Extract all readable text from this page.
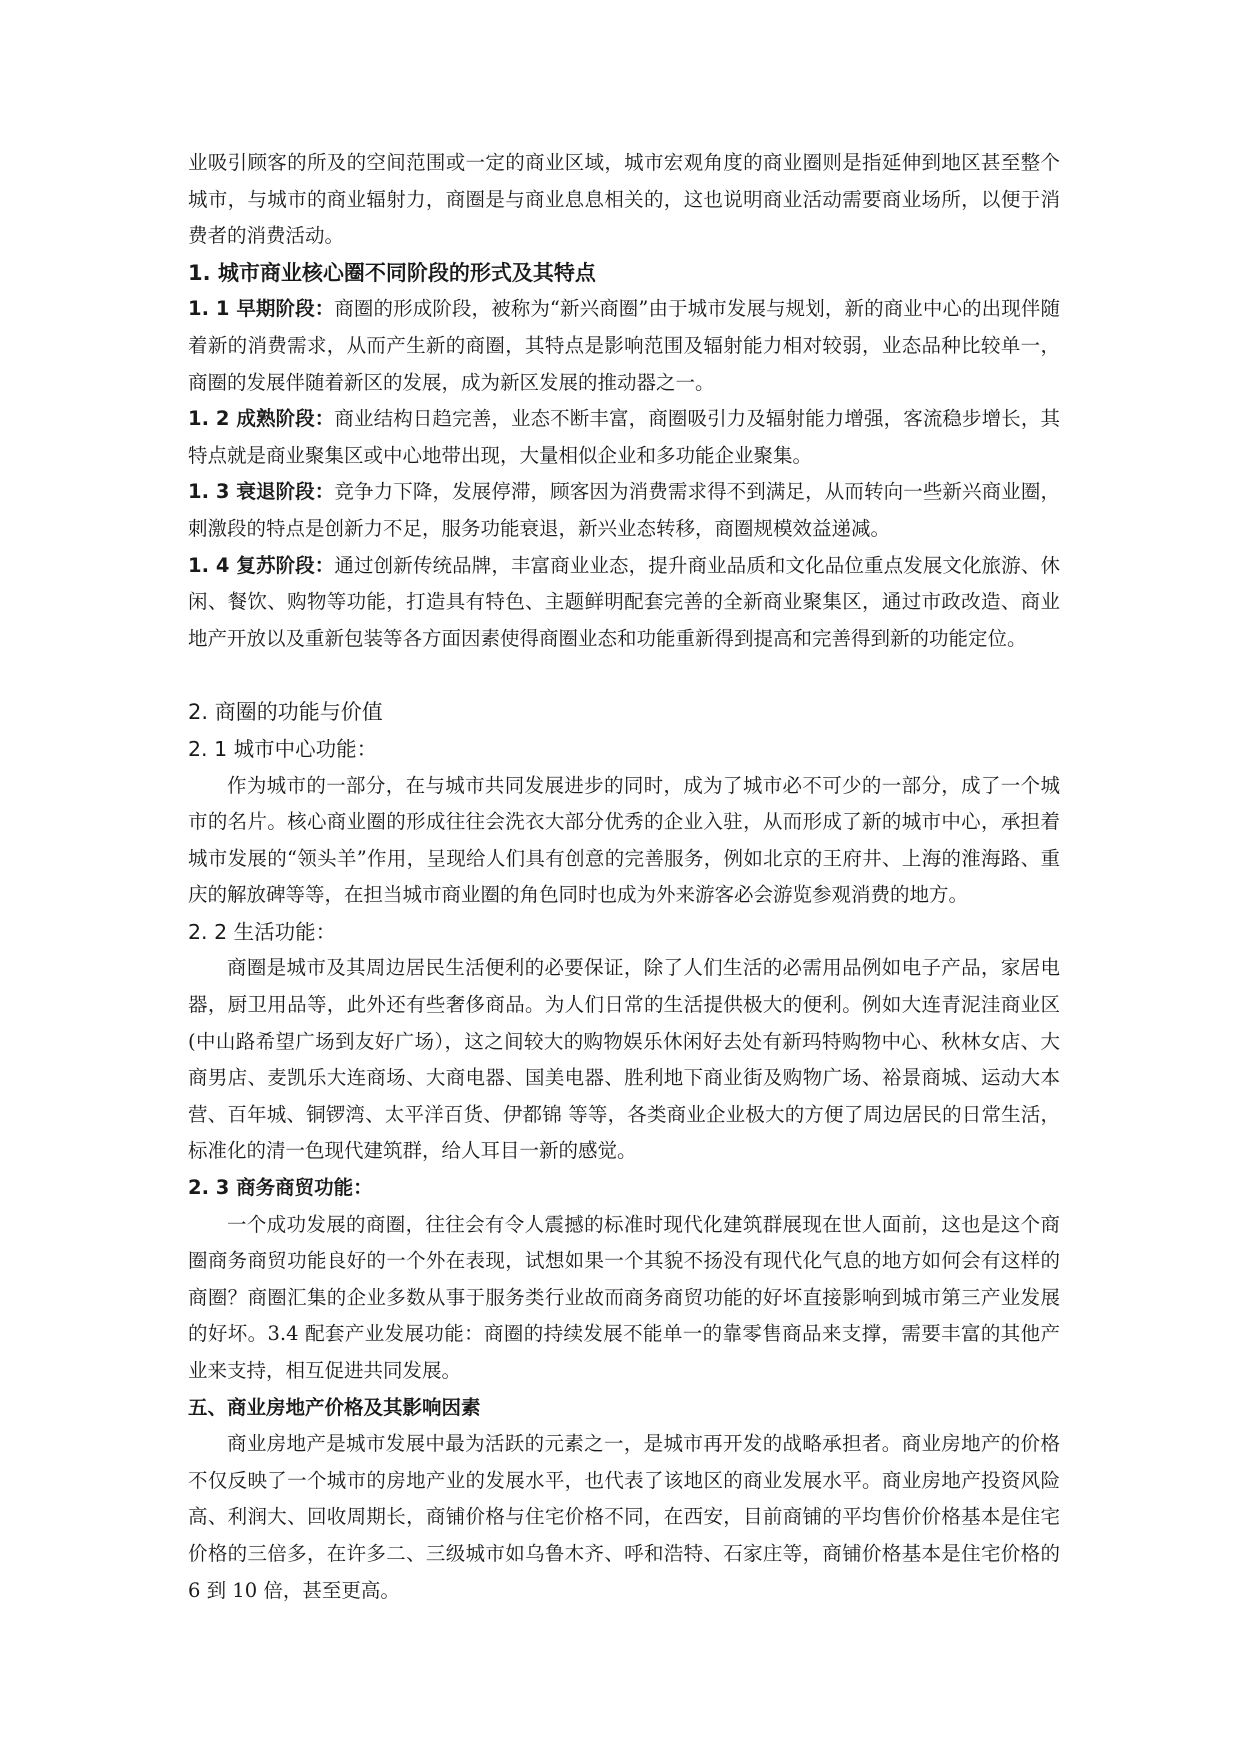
业吸引顾客的所及的空间范围或一定的商业区域，城市宏观角度的商业圈则是指延伸到地区甚至整个城市，与城市的商业辐射力，商圈是与商业息息相关的，这也说明商业活动需要商业场所，以便于消费者的消费活动。

1. 城市商业核心圈不同阶段的形式及其特点

1. 1 早期阶段：商圈的形成阶段，被称为“新兴商圈”由于城市发展与规划，新的商业中心的出现伴随着新的消费需求，从而产生新的商圈，其特点是影响范围及辐射能力相对较弱，业态品种比较单一，商圈的发展伴随着新区的发展，成为新区发展的推动器之一。

1. 2 成熟阶段：商业结构日趋完善，业态不断丰富，商圈吸引力及辐射能力增强，客流稳步增长，其特点就是商业聚集区或中心地带出现，大量相似企业和多功能企业聚集。

1. 3 衰退阶段：竞争力下降，发展停滞，顾客因为消费需求得不到满足，从而转向一些新兴商业圈，刺激段的特点是创新力不足，服务功能衰退，新兴业态转移，商圈规模效益递减。

1. 4 复苏阶段：通过创新传统品牌，丰富商业业态，提升商业品质和文化品位重点发展文化旅游、休闲、餐饮、购物等功能，打造具有特色、主题鲜明配套完善的全新商业聚集区，通过市政改造、商业地产开放以及重新包装等各方面因素使得商圈业态和功能重新得到提高和完善得到新的功能定位。

2. 商圈的功能与价值

2. 1 城市中心功能：

作为城市的一部分，在与城市共同发展进步的同时，成为了城市必不可少的一部分，成了一个城市的名片。核心商业圈的形成往往会洗衣大部分优秀的企业入驻，从而形成了新的城市中心，承担着城市发展的“领头羊”作用，呈现给人们具有创意的完善服务，例如北京的王府井、上海的淮海路、重庆的解放碑等等，在担当城市商业圈的角色同时也成为外来游客必会游览参观消费的地方。

2. 2 生活功能：

商圈是城市及其周边居民生活便利的必要保证，除了人们生活的必需用品例如电子产品，家居电器，厨卫用品等，此外还有些奢侈商品。为人们日常的生活提供极大的便利。例如大连青泥洼商业区(中山路希望广场到友好广场），这之间较大的购物娱乐休闲好去处有新玛特购物中心、秋林女店、大商男店、麦凯乐大连商场、大商电器、国美电器、胜利地下商业街及购物广场、裕景商城、运动大本营、百年城、铜锣湾、太平洋百货、伊都锦 等等，各类商业企业极大的方便了周边居民的日常生活，标准化的清一色现代建筑群，给人耳目一新的感觉。

2. 3 商务商贸功能：

一个成功发展的商圈，往往会有令人震撼的标准时现代化建筑群展现在世人面前，这也是这个商圈商务商贸功能良好的一个外在表现，试想如果一个其貌不扬没有现代化气息的地方如何会有这样的商圈？商圈汇集的企业多数从事于服务类行业故而商务商贸功能的好坏直接影响到城市第三产业发展的好坏。3.4 配套产业发展功能：商圈的持续发展不能单一的靠零售商品来支撑，需要丰富的其他产业来支持，相互促进共同发展。

五、商业房地产价格及其影响因素

商业房地产是城市发展中最为活跃的元素之一，是城市再开发的战略承担者。商业房地产的价格不仅反映了一个城市的房地产业的发展水平，也代表了该地区的商业发展水平。商业房地产投资风险高、利润大、回收周期长，商铺价格与住宅价格不同，在西安，目前商铺的平均售价价格基本是住宅价格的三倍多，在许多二、三级城市如乌鲁木齐、呼和浩特、石家庄等，商铺价格基本是住宅价格的 6 到 10 倍，甚至更高。
